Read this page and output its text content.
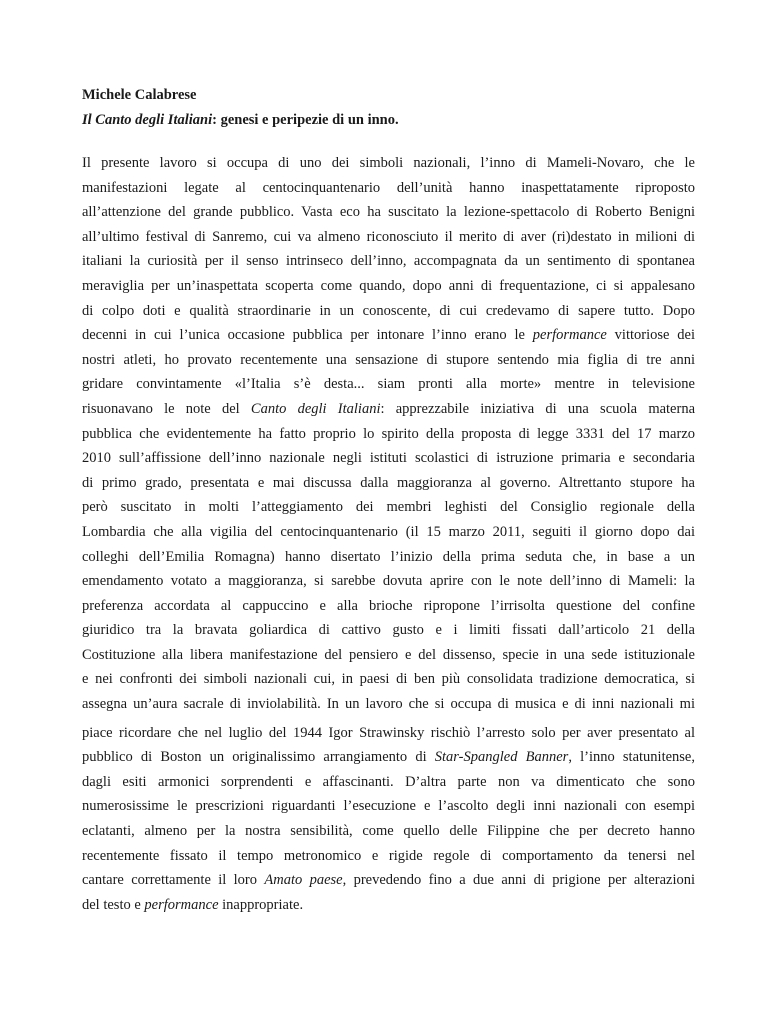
Michele Calabrese
Il Canto degli Italiani: genesi e peripezie di un inno.
Il presente lavoro si occupa di uno dei simboli nazionali, l’inno di Mameli-Novaro, che le
manifestazioni legate al centocinquantenario dell’unità hanno inaspettatamente riproposto
all’attenzione del grande pubblico. Vasta eco ha suscitato la lezione-spettacolo di Roberto Benigni
all’ultimo festival di Sanremo, cui va almeno riconosciuto il merito di aver (ri)destato in milioni di
italiani la curiosità per il senso intrinseco dell’inno, accompagnata da un sentimento di spontanea
meraviglia per un’inaspettata scoperta come quando, dopo anni di frequentazione, ci si appalesano
di colpo doti e qualità straordinarie in un conoscente, di cui credevamo di sapere tutto. Dopo
decenni in cui l’unica occasione pubblica per intonare l’inno erano le performance vittoriose dei
nostri atleti, ho provato recentemente una sensazione di stupore sentendo mia figlia di tre anni
gridare convintamente «l’Italia s’è desta... siam pronti alla morte» mentre in televisione
risuonavano le note del Canto degli Italiani: apprezzabile iniziativa di una scuola materna
pubblica che evidentemente ha fatto proprio lo spirito della proposta di legge 3331 del 17 marzo
2010 sull’affissione dell’inno nazionale negli istituti scolastici di istruzione primaria e secondaria
di primo grado, presentata e mai discussa dalla maggioranza al governo. Altrettanto stupore ha
però suscitato in molti l’atteggiamento dei membri leghisti del Consiglio regionale della
Lombardia che alla vigilia del centocinquantenario (il 15 marzo 2011, seguiti il giorno dopo dai
colleghi dell’Emilia Romagna) hanno disertato l’inizio della prima seduta che, in base a un
emendamento votato a maggioranza, si sarebbe dovuta aprire con le note dell’inno di Mameli: la
preferenza accordata al cappuccino e alla brioche ripropone l’irrisolta questione del confine
giuridico tra la bravata goliardica di cattivo gusto e i limiti fissati dall’articolo 21 della
Costituzione alla libera manifestazione del pensiero e del dissenso, specie in una sede istituzionale
e nei confronti dei simboli nazionali cui, in paesi di ben più consolidata tradizione democratica, si
assegna un’aura sacrale di inviolabilità. In un lavoro che si occupa di musica e di inni nazionali mi
piace ricordare che nel luglio del 1944 Igor Strawinsky rischiò l’arresto solo per aver presentato al
pubblico di Boston un originalissimo arrangiamento di Star-Spangled Banner, l’inno statunitense,
dagli esiti armonici sorprendenti e affascinanti. D’altra parte non va dimenticato che sono
numerosissime le prescrizioni riguardanti l’esecuzione e l’ascolto degli inni nazionali con esempi
eclatanti, almeno per la nostra sensibilità, come quello delle Filippine che per decreto hanno
recentemente fissato il tempo metronomico e rigide regole di comportamento da tenersi nel
cantare correttamente il loro Amato paese, prevedendo fino a due anni di prigione per alterazioni
del testo e performance inappropriate.
